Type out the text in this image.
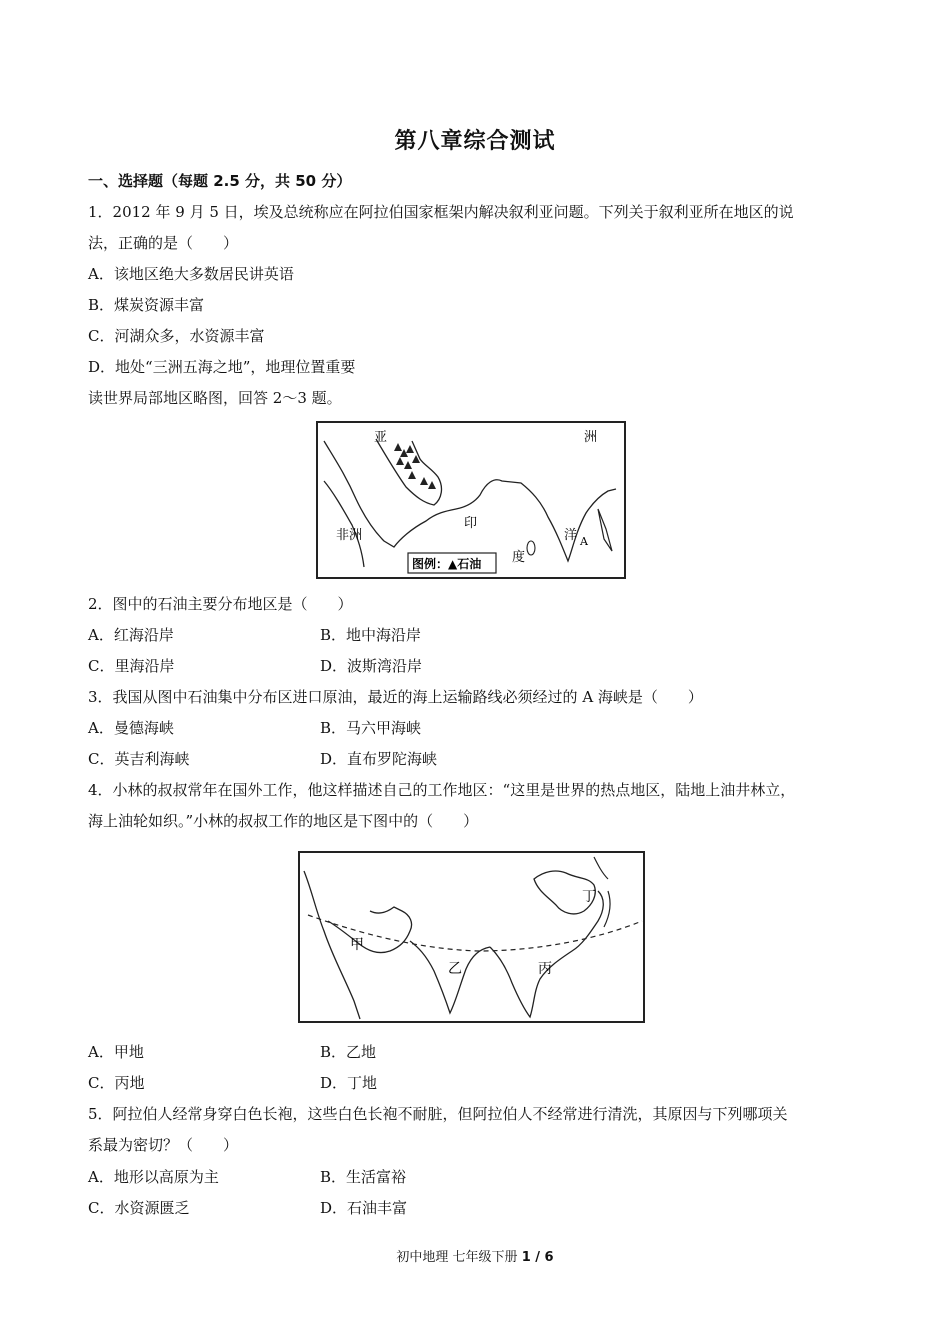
第八章综合测试
一、选择题（每题 2.5 分，共 50 分）
1．2012 年 9 月 5 日，埃及总统称应在阿拉伯国家框架内解决叙利亚问题。下列关于叙利亚所在地区的说
法，正确的是（　　）
A．该地区绝大多数居民讲英语
B．煤炭资源丰富
C．河湖众多，水资源丰富
D．地处“三洲五海之地”，地理位置重要
读世界局部地区略图，回答 2～3 题。
亚	洲
非洲
印
度
洋 A
图例：▲石油
2．图中的石油主要分布地区是（　　）
A．红海沿岸	B．地中海沿岸
C．里海沿岸	D．波斯湾沿岸
3．我国从图中石油集中分布区进口原油，最近的海上运输路线必须经过的 A 海峡是（　　）
A．曼德海峡	B．马六甲海峡
C．英吉利海峡	D．直布罗陀海峡
4．小林的叔叔常年在国外工作，他这样描述自己的工作地区：“这里是世界的热点地区，陆地上油井林立，
海上油轮如织。”小林的叔叔工作的地区是下图中的（　　）
甲
乙	丙
丁
A．甲地	B．乙地
C．丙地	D．丁地
5．阿拉伯人经常身穿白色长袍，这些白色长袍不耐脏，但阿拉伯人不经常进行清洗，其原因与下列哪项关
系最为密切？（　　）
A．地形以高原为主	B．生活富裕
C．水资源匮乏	D．石油丰富
初中地理 七年级下册 1 / 6
